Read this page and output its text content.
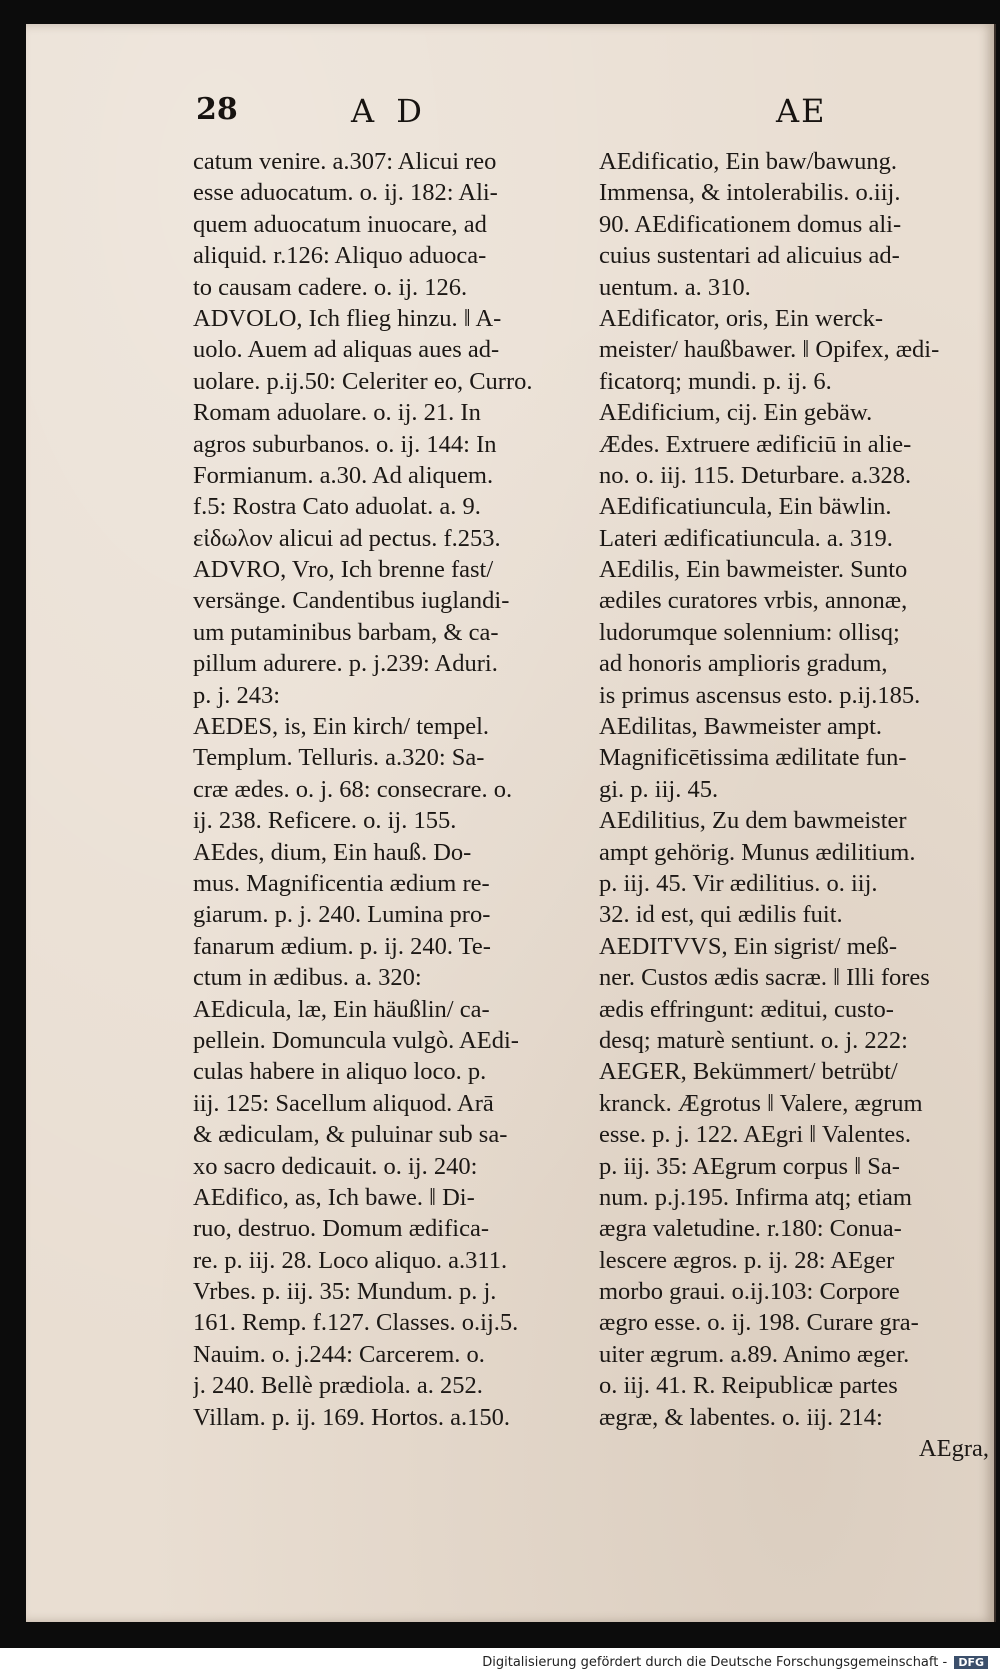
28	A D	AE
catum venire. a.307: Alicui reo
esse aduocatum. o. ij. 182: Ali-
quem aduocatum inuocare, ad
aliquid. r.126: Aliquo aduoca-
to causam cadere. o. ij. 126.
ADVOLO, Ich flieg hinzu. ‖ A-
uolo. Auem ad aliquas aues ad-
uolare. p.ij.50: Celeriter eo, Curro.
Romam aduolare. o. ij. 21. In
agros suburbanos. o. ij. 144: In
Formianum. a.30. Ad aliquem.
f.5: Rostra Cato aduolat. a. 9.
εἰδωλον alicui ad pectus. f.253.
ADVRO, Vro, Ich brenne fast/
versänge. Candentibus iuglandi-
um putaminibus barbam, & ca-
pillum adurere. p. j.239: Aduri.
p. j. 243:
AEDES, is, Ein kirch/ tempel.
Templum. Telluris. a.320: Sa-
cræ ædes. o. j. 68: consecrare. o.
ij. 238. Reficere. o. ij. 155.
AEdes, dium, Ein hauß. Do-
mus. Magnificentia ædium re-
giarum. p. j. 240. Lumina pro-
fanarum ædium. p. ij. 240. Te-
ctum in ædibus. a. 320:
AEdicula, læ, Ein häußlin/ ca-
pellein. Domuncula vulgò. AEdi-
culas habere in aliquo loco. p.
iij. 125: Sacellum aliquod. Arā
& ædiculam, & puluinar sub sa-
xo sacro dedicauit. o. ij. 240:
AEdifico, as, Ich bawe. ‖ Di-
ruo, destruo. Domum ædifica-
re. p. iij. 28. Loco aliquo. a.311.
Vrbes. p. iij. 35: Mundum. p. j.
161. Remp. f.127. Classes. o.ij.5.
Nauim. o. j.244: Carcerem. o.
j. 240. Bellè prædiola. a. 252.
Villam. p. ij. 169. Hortos. a.150.
AEdificatio, Ein baw/bawung.
Immensa, & intolerabilis. o.iij.
90. AEdificationem domus ali-
cuius sustentari ad alicuius ad-
uentum. a. 310.
AEdificator, oris, Ein werck-
meister/ haußbawer. ‖ Opifex, ædi-
ficatorq; mundi. p. ij. 6.
AEdificium, cij. Ein gebäw.
Ædes. Extruere ædificiū in alie-
no. o. iij. 115. Deturbare. a.328.
AEdificatiuncula, Ein bäwlin.
Lateri ædificatiuncula. a. 319.
AEdilis, Ein bawmeister. Sunto
ædiles curatores vrbis, annonæ,
ludorumque solennium: ollisq;
ad honoris amplioris gradum,
is primus ascensus esto. p.ij.185.
AEdilitas, Bawmeister ampt.
Magnificētissima ædilitate fun-
gi. p. iij. 45.
AEdilitius, Zu dem bawmeister
ampt gehörig. Munus ædilitium.
p. iij. 45. Vir ædilitius. o. iij.
32. id est, qui ædilis fuit.
AEDITVVS, Ein sigrist/ meß-
ner. Custos ædis sacræ. ‖ Illi fores
ædis effringunt: æditui, custo-
desq; maturè sentiunt. o. j. 222:
AEGER, Bekümmert/ betrübt/
kranck. Ægrotus ‖ Valere, ægrum
esse. p. j. 122. AEgri ‖ Valentes.
p. iij. 35: AEgrum corpus ‖ Sa-
num. p.j.195. Infirma atq; etiam
ægra valetudine. r.180: Conua-
lescere ægros. p. ij. 28: AEger
morbo graui. o.ij.103: Corpore
ægro esse. o. ij. 198. Curare gra-
uiter ægrum. a.89. Animo æger.
o. iij. 41. R. Reipublicæ partes
ægræ, & labentes. o. iij. 214:
AEgra,
Digitalisierung gefördert durch die Deutsche Forschungsgemeinschaft - DFG
